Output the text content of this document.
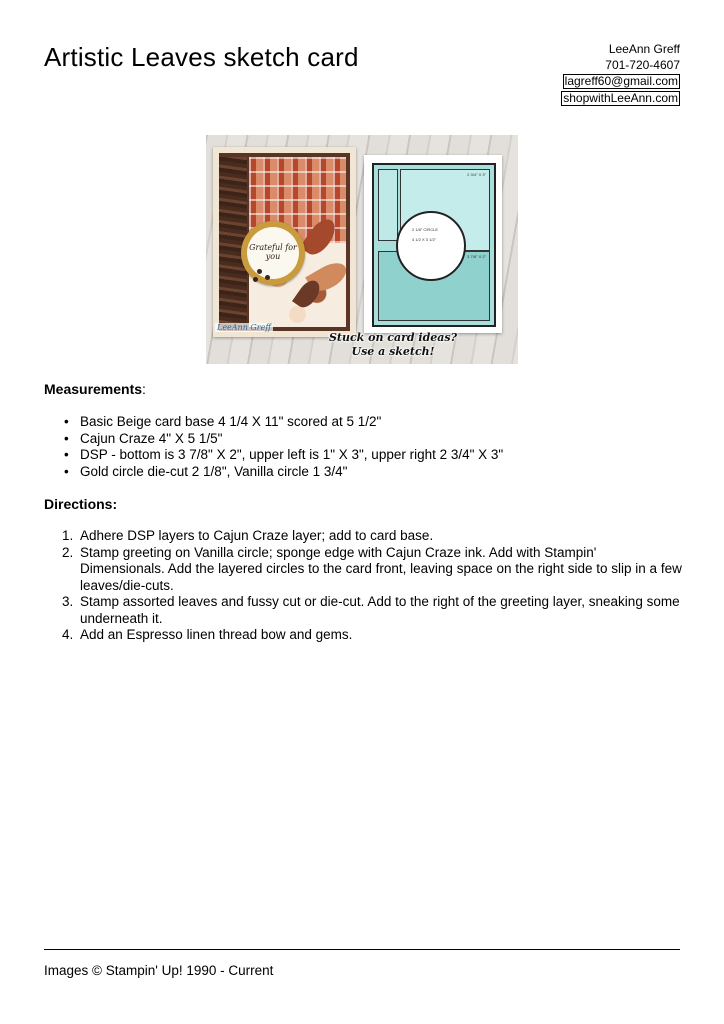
Artistic Leaves sketch card	LeeAnn Greff
701-720-4607
lagreff60@gmail.com
shopwithLeeAnn.com
Grateful for you
LeeAnn Greff
2 3/4" X 3"
3 7/8" X 2"
2 1/8" CIRCLE
4 1/2 X 3 1/2"
Stuck on card ideas?
Use a sketch!
Measurements:
• Basic Beige card base 4 1/4 X 11" scored at 5 1/2"
• Cajun Craze 4" X 5 1/5"
• DSP - bottom is 3 7/8" X 2", upper left is 1" X 3", upper right 2 3/4" X 3"
• Gold circle die-cut 2 1/8", Vanilla circle 1 3/4"
Directions:
1. Adhere DSP layers to Cajun Craze layer; add to card base.
2. Stamp greeting on Vanilla circle; sponge edge with Cajun Craze ink. Add with Stampin' Dimensionals. Add the layered circles to the card front, leaving space on the right side to slip in a few leaves/die-cuts.
3. Stamp assorted leaves and fussy cut or die-cut. Add to the right of the greeting layer, sneaking some underneath it.
4. Add an Espresso linen thread bow and gems.
Images © Stampin' Up! 1990 - Current
